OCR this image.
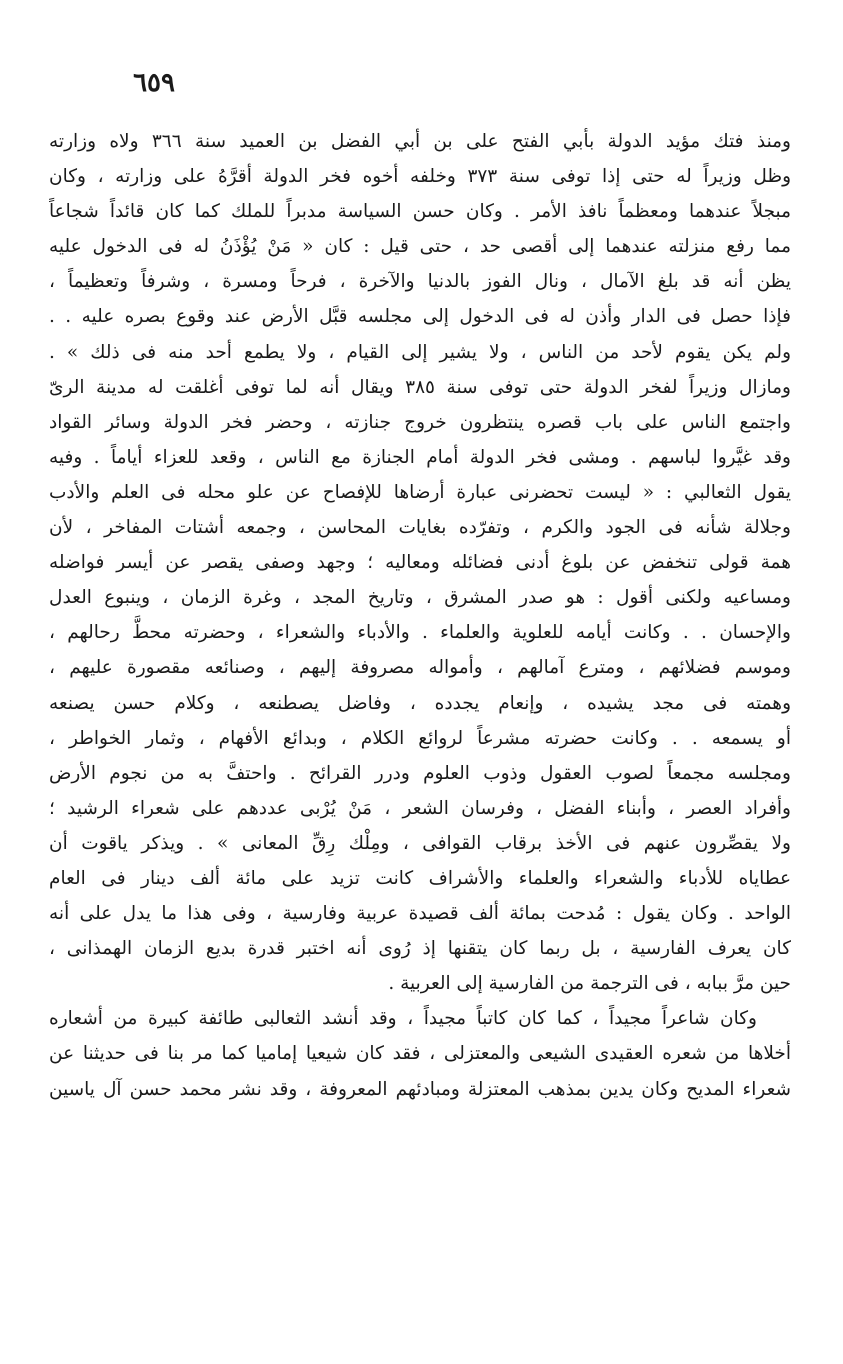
٦٥٩
ومنذ فتك مؤيد الدولة بأبي الفتح على بن أبي الفضل بن العميد سنة ٣٦٦ ولاه وزارته
وظل وزيراً له حتى إذا توفى سنة ٣٧٣ وخلفه أخوه فخر الدولة أقرَّهُ على وزارته ، وكان
مبجلاً عندهما ومعظماً نافذ الأمر . وكان حسن السياسة مدبراً للملك كما كان قائداً شجاعاً
مما رفع منزلته عندهما إلى أقصى حد ، حتى قيل : كان « مَنْ يُؤْذَنُ له فى الدخول عليه
يظن أنه قد بلغ الآمال ، ونال الفوز بالدنيا والآخرة ، فرحاً ومسرة ، وشرفاً وتعظيماً ،
فإذا حصل فى الدار وأذن له فى الدخول إلى مجلسه قبَّل الأرض عند وقوع بصره عليه . .
ولم يكن يقوم لأحد من الناس ، ولا يشير إلى القيام ، ولا يطمع أحد منه فى ذلك » .
ومازال وزيراً لفخر الدولة حتى توفى سنة ٣٨٥ ويقال أنه لما توفى أغلقت له مدينة الرىّ
واجتمع الناس على باب قصره ينتظرون خروج جنازته ، وحضر فخر الدولة وسائر القواد
وقد غيَّروا لباسهم . ومشى فخر الدولة أمام الجنازة مع الناس ، وقعد للعزاء أياماً . وفيه
يقول الثعالبي : « ليست تحضرنى عبارة أرضاها للإفصاح عن علو محله فى العلم والأدب
وجلالة شأنه فى الجود والكرم ، وتفرّده بغايات المحاسن ، وجمعه أشتات المفاخر ، لأن
همة قولى تنخفض عن بلوغ أدنى فضائله ومعاليه ؛ وجهد وصفى يقصر عن أيسر فواضله
ومساعيه ولكنى أقول : هو صدر المشرق ، وتاريخ المجد ، وغرة الزمان ، وينبوع العدل
والإحسان . . وكانت أيامه للعلوية والعلماء . والأدباء والشعراء ، وحضرته محطَّ رحالهم ،
وموسم فضلائهم ، ومترع آمالهم ، وأمواله مصروفة إليهم ، وصنائعه مقصورة عليهم ،
وهمته فى مجد يشيده ، وإنعام يجدده ، وفاضل يصطنعه ، وكلام حسن يصنعه
أو يسمعه . . وكانت حضرته مشرعاً لروائع الكلام ، وبدائع الأفهام ، وثمار الخواطر ،
ومجلسه مجمعاً لصوب العقول وذوب العلوم ودرر القرائح . واحتفَّ به من نجوم الأرض
وأفراد العصر ، وأبناء الفضل ، وفرسان الشعر ، مَنْ يُرْبى عددهم على شعراء الرشيد ؛
ولا يقصِّرون عنهم فى الأخذ برقاب القوافى ، ومِلْك رِقِّ المعانى » . ويذكر ياقوت أن
عطاياه للأدباء والشعراء والعلماء والأشراف كانت تزيد على مائة ألف دينار فى العام
الواحد . وكان يقول : مُدحت بمائة ألف قصيدة عربية وفارسية ، وفى هذا ما يدل على أنه
كان يعرف الفارسية ، بل ربما كان يتقنها إذ رُوى أنه اختبر قدرة بديع الزمان الهمذانى ،
حين مرَّ ببابه ، فى الترجمة من الفارسية إلى العربية .
وكان شاعراً مجيداً ، كما كان كاتباً مجيداً ، وقد أنشد الثعالبى طائفة كبيرة من أشعاره
أخلاها من شعره العقيدى الشيعى والمعتزلى ، فقد كان شيعيا إماميا كما مر بنا فى حديثنا عن
شعراء المديح وكان يدين بمذهب المعتزلة ومبادئهم المعروفة ، وقد نشر محمد حسن آل ياسين
